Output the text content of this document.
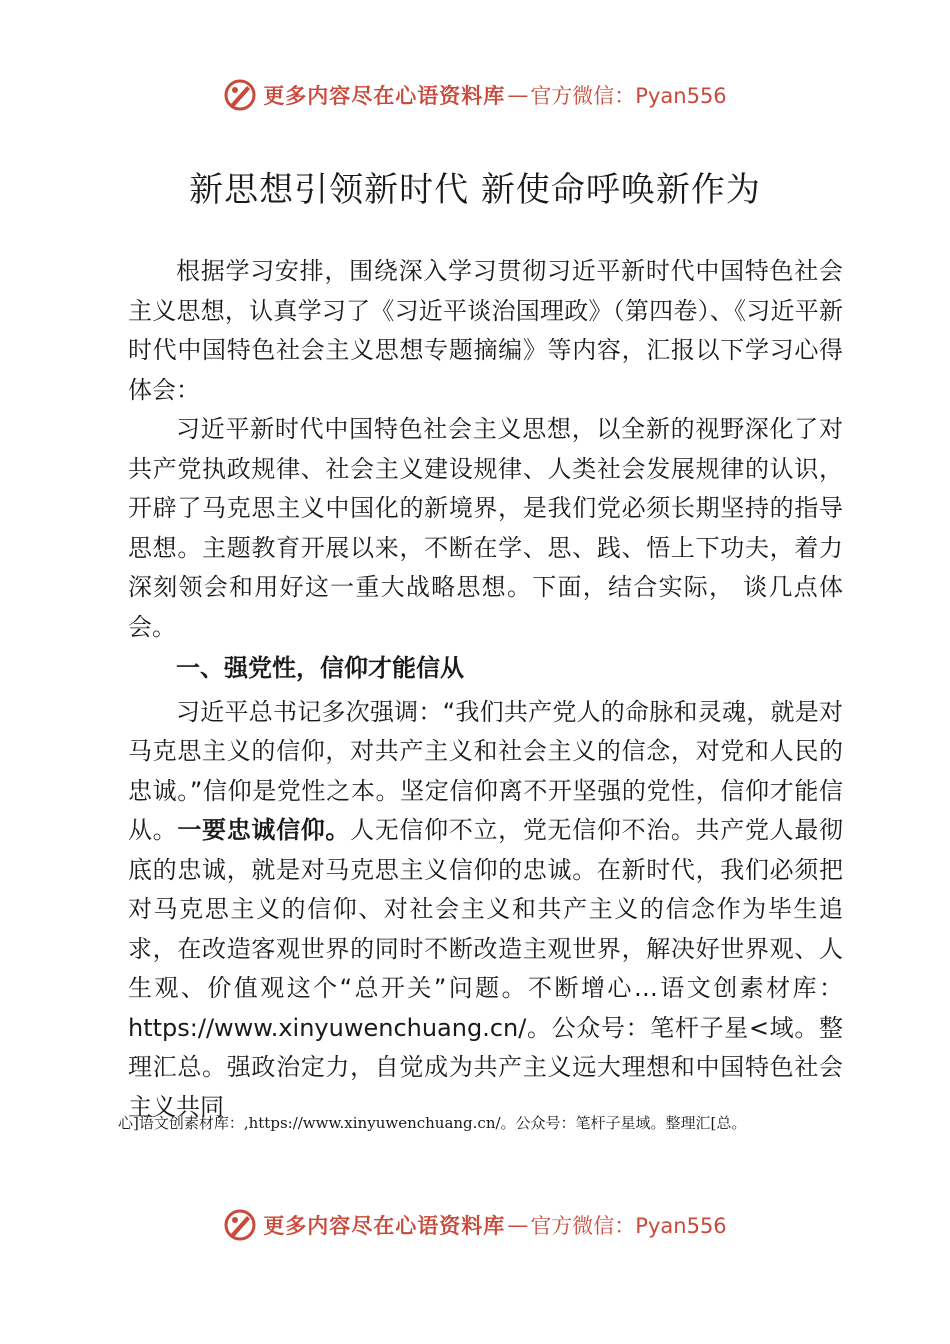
更多内容尽在心语资料库 — 官方微信：Pyan556
新思想引领新时代 新使命呼唤新作为

根据学习安排，围绕深入学习贯彻习近平新时代中国特色社会主义思想，认真学习了《习近平谈治国理政》（第四卷）、《习近平新时代中国特色社会主义思想专题摘编》等内容，汇报以下学习心得体会：

习近平新时代中国特色社会主义思想，以全新的视野深化了对共产党执政规律、社会主义建设规律、人类社会发展规律的认识，开辟了马克思主义中国化的新境界，是我们党必须长期坚持的指导思想。主题教育开展以来，不断在学、思、践、悟上下功夫，着力深刻领会和用好这一重大战略思想。下面，结合实际， 谈几点体会。

一、强党性，信仰才能信从

习近平总书记多次强调：“我们共产党人的命脉和灵魂，就是对马克思主义的信仰，对共产主义和社会主义的信念，对党和人民的忠诚。”信仰是党性之本。坚定信仰离不开坚强的党性，信仰才能信从。一要忠诚信仰。人无信仰不立，党无信仰不治。共产党人最彻底的忠诚，就是对马克思主义信仰的忠诚。在新时代，我们必须把对马克思主义的信仰、对社会主义和共产主义的信念作为毕生追求，在改造客观世界的同时不断改造主观世界，解决好世界观、人生观、价值观这个“总开关”问题。不断增心…语文创素材库：https://www.xinyuwenchuang.cn/。公众号：笔杆子星<域。整理汇总。强政治定力，自觉成为共产主义远大理想和中国特色社会主义共同

心]语文创素材库：,https://www.xinyuwenchuang.cn/。公众号：笔杆子星域。整理汇[总。
更多内容尽在心语资料库 — 官方微信：Pyan556
